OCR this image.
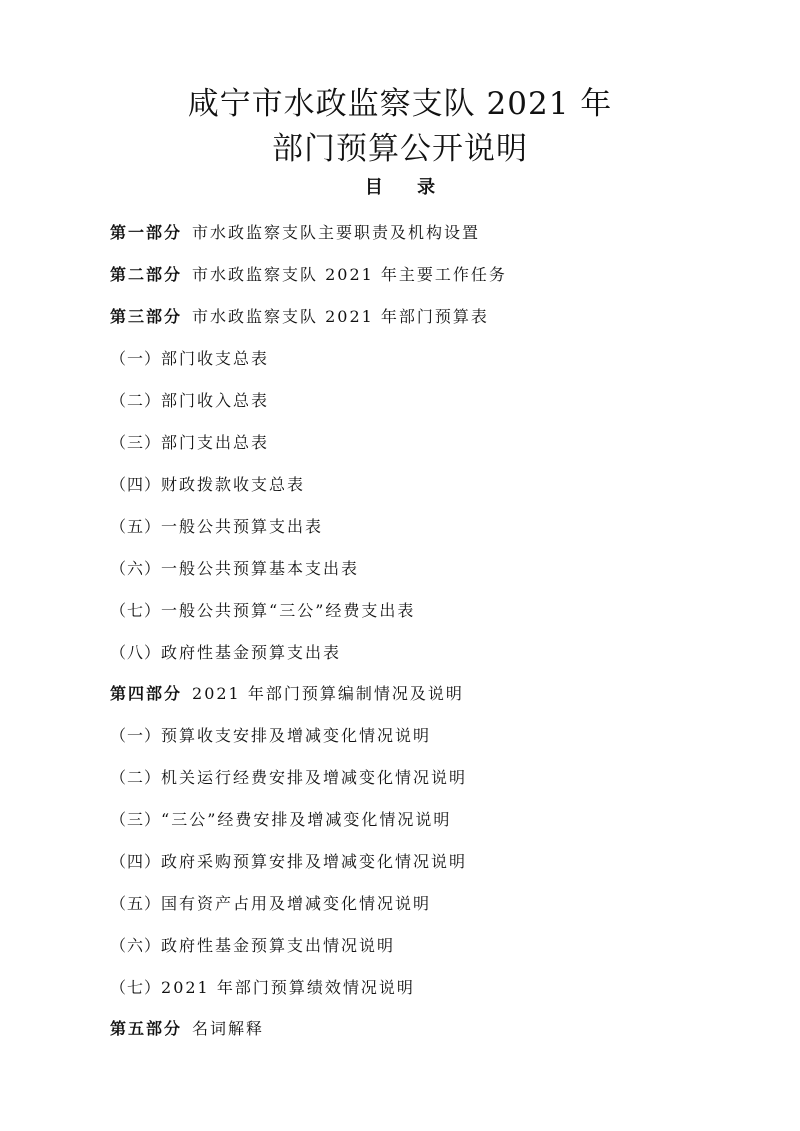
咸宁市水政监察支队 2021 年
部门预算公开说明
目 录
第一部分 市水政监察支队主要职责及机构设置
第二部分 市水政监察支队 2021 年主要工作任务
第三部分 市水政监察支队 2021 年部门预算表
（一）部门收支总表
（二）部门收入总表
（三）部门支出总表
（四）财政拨款收支总表
（五）一般公共预算支出表
（六）一般公共预算基本支出表
（七）一般公共预算“三公”经费支出表
（八）政府性基金预算支出表
第四部分 2021 年部门预算编制情况及说明
（一）预算收支安排及增减变化情况说明
（二）机关运行经费安排及增减变化情况说明
（三）“三公”经费安排及增减变化情况说明
（四）政府采购预算安排及增减变化情况说明
（五）国有资产占用及增减变化情况说明
（六）政府性基金预算支出情况说明
（七）2021 年部门预算绩效情况说明
第五部分 名词解释
